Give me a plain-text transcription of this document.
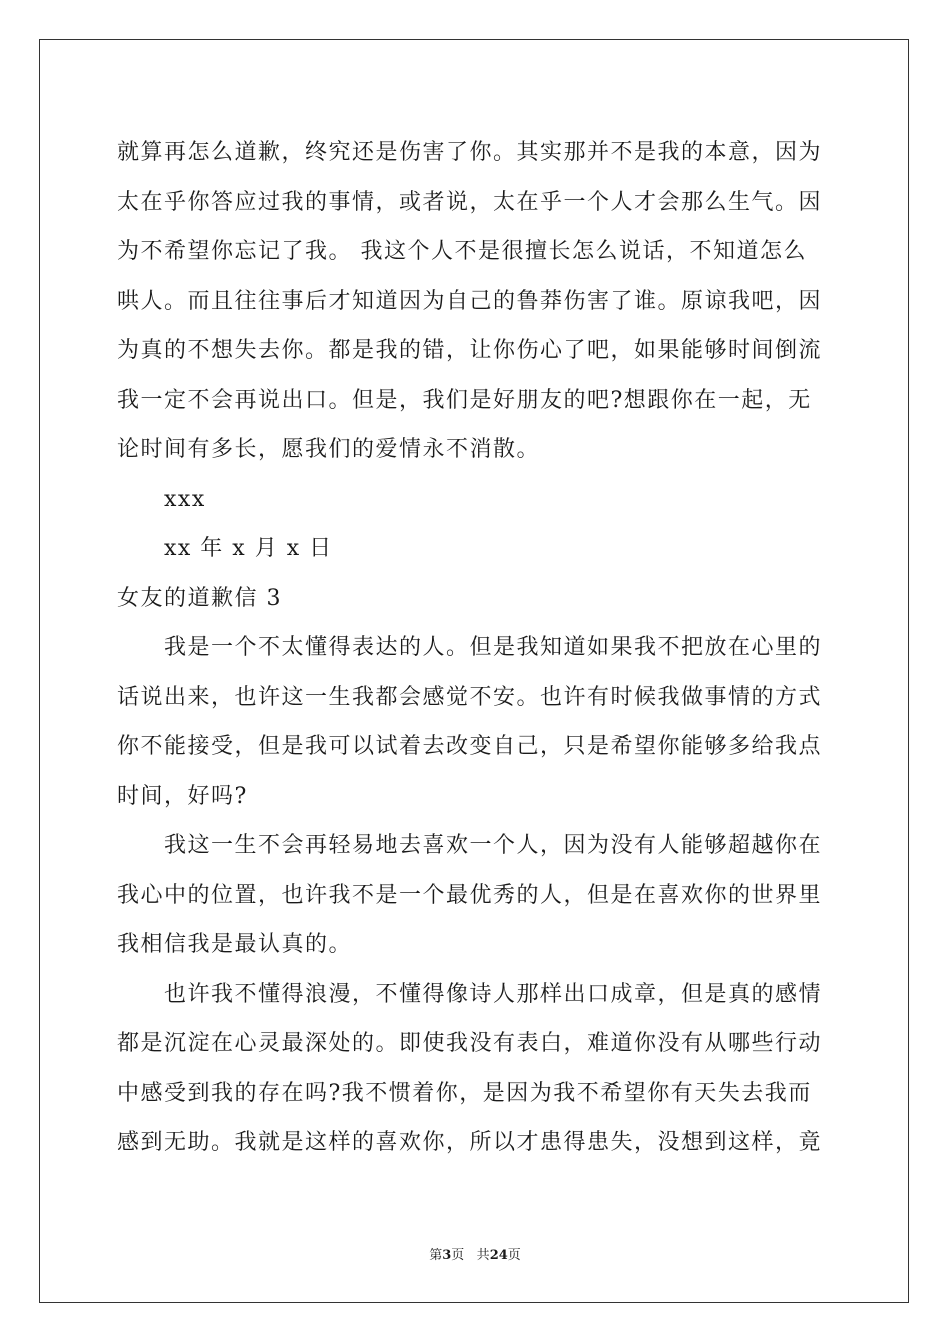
就算再怎么道歉，终究还是伤害了你。其实那并不是我的本意，因为
太在乎你答应过我的事情，或者说，太在乎一个人才会那么生气。因
为不希望你忘记了我。 我这个人不是很擅长怎么说话，不知道怎么
哄人。而且往往事后才知道因为自己的鲁莽伤害了谁。原谅我吧，因
为真的不想失去你。都是我的错，让你伤心了吧，如果能够时间倒流
我一定不会再说出口。但是，我们是好朋友的吧?想跟你在一起，无
论时间有多长，愿我们的爱情永不消散。
xxx
xx 年 x 月 x 日
女友的道歉信 3
我是一个不太懂得表达的人。但是我知道如果我不把放在心里的
话说出来，也许这一生我都会感觉不安。也许有时候我做事情的方式
你不能接受，但是我可以试着去改变自己，只是希望你能够多给我点
时间，好吗?
我这一生不会再轻易地去喜欢一个人，因为没有人能够超越你在
我心中的位置，也许我不是一个最优秀的人，但是在喜欢你的世界里
我相信我是最认真的。
也许我不懂得浪漫，不懂得像诗人那样出口成章，但是真的感情
都是沉淀在心灵最深处的。即使我没有表白，难道你没有从哪些行动
中感受到我的存在吗?我不惯着你，是因为我不希望你有天失去我而
感到无助。我就是这样的喜欢你，所以才患得患失，没想到这样，竟
第3页 共24页
